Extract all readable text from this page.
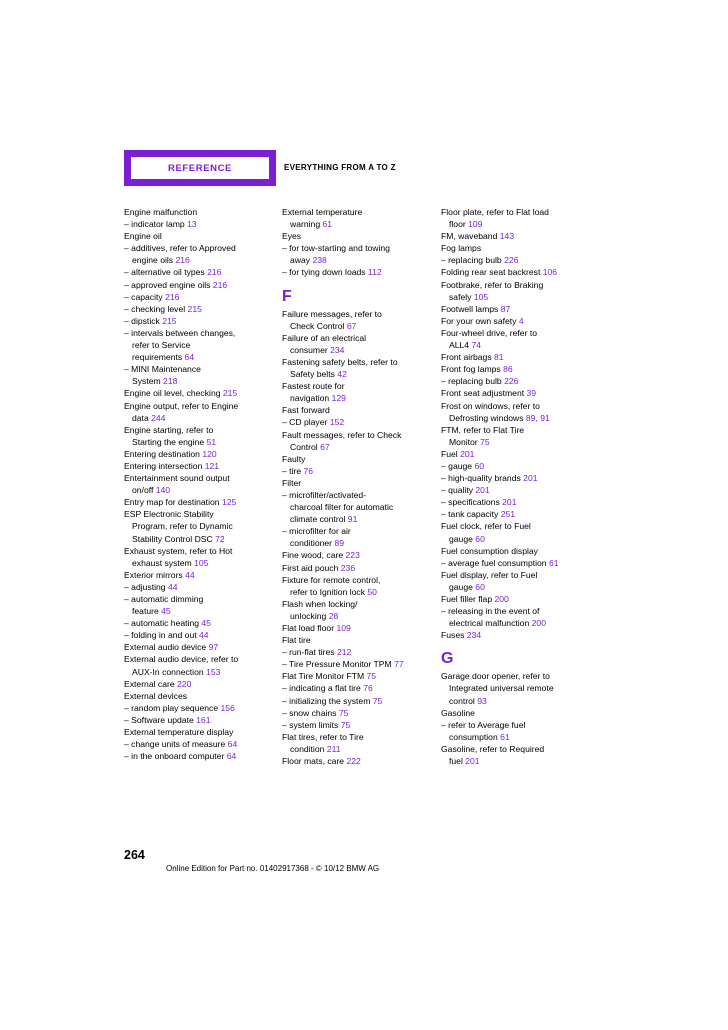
REFERENCE	EVERYTHING FROM A TO Z
Engine malfunction
– indicator lamp 13
Engine oil
– additives, refer to Approved
engine oils 216
– alternative oil types 216
– approved engine oils 216
– capacity 216
– checking level 215
– dipstick 215
– intervals between changes,
refer to Service
requirements 64
– MINI Maintenance
System 218
Engine oil level, checking 215
Engine output, refer to Engine
data 244
Engine starting, refer to
Starting the engine 51
Entering destination 120
Entering intersection 121
Entertainment sound output
on/off 140
Entry map for destination 125
ESP Electronic Stability
Program, refer to Dynamic
Stability Control DSC 72
Exhaust system, refer to Hot
exhaust system 105
Exterior mirrors 44
– adjusting 44
– automatic dimming
feature 45
– automatic heating 45
– folding in and out 44
External audio device 97
External audio device, refer to
AUX-In connection 153
External care 220
External devices
– random play sequence 156
– Software update 161
External temperature display
– change units of measure 64
– in the onboard computer 64
External temperature
warning 61
Eyes
– for tow-starting and towing
away 238
– for tying down loads 112
F
Failure messages, refer to
Check Control 67
Failure of an electrical
consumer 234
Fastening safety belts, refer to
Safety belts 42
Fastest route for
navigation 129
Fast forward
– CD player 152
Fault messages, refer to Check
Control 67
Faulty
– tire 76
Filter
– microfilter/activated-
charcoal filter for automatic
climate control 91
– microfilter for air
conditioner 89
Fine wood, care 223
First aid pouch 236
Fixture for remote control,
refer to Ignition lock 50
Flash when locking/
unlocking 28
Flat load floor 109
Flat tire
– run-flat tires 212
– Tire Pressure Monitor TPM 77
Flat Tire Monitor FTM 75
– indicating a flat tire 76
– initializing the system 75
– snow chains 75
– system limits 75
Flat tires, refer to Tire
condition 211
Floor mats, care 222
Floor plate, refer to Flat load
floor 109
FM, waveband 143
Fog lamps
– replacing bulb 226
Folding rear seat backrest 106
Footbrake, refer to Braking
safely 105
Footwell lamps 87
For your own safety 4
Four-wheel drive, refer to
ALL4 74
Front airbags 81
Front fog lamps 86
– replacing bulb 226
Front seat adjustment 39
Frost on windows, refer to
Defrosting windows 89, 91
FTM, refer to Flat Tire
Monitor 75
Fuel 201
– gauge 60
– high-quality brands 201
– quality 201
– specifications 201
– tank capacity 251
Fuel clock, refer to Fuel
gauge 60
Fuel consumption display
– average fuel consumption 61
Fuel display, refer to Fuel
gauge 60
Fuel filler flap 200
– releasing in the event of
electrical malfunction 200
Fuses 234
G
Garage door opener, refer to
Integrated universal remote
control 93
Gasoline
– refer to Average fuel
consumption 61
Gasoline, refer to Required
fuel 201
264
Online Edition for Part no. 01402917368 - © 10/12 BMW AG
